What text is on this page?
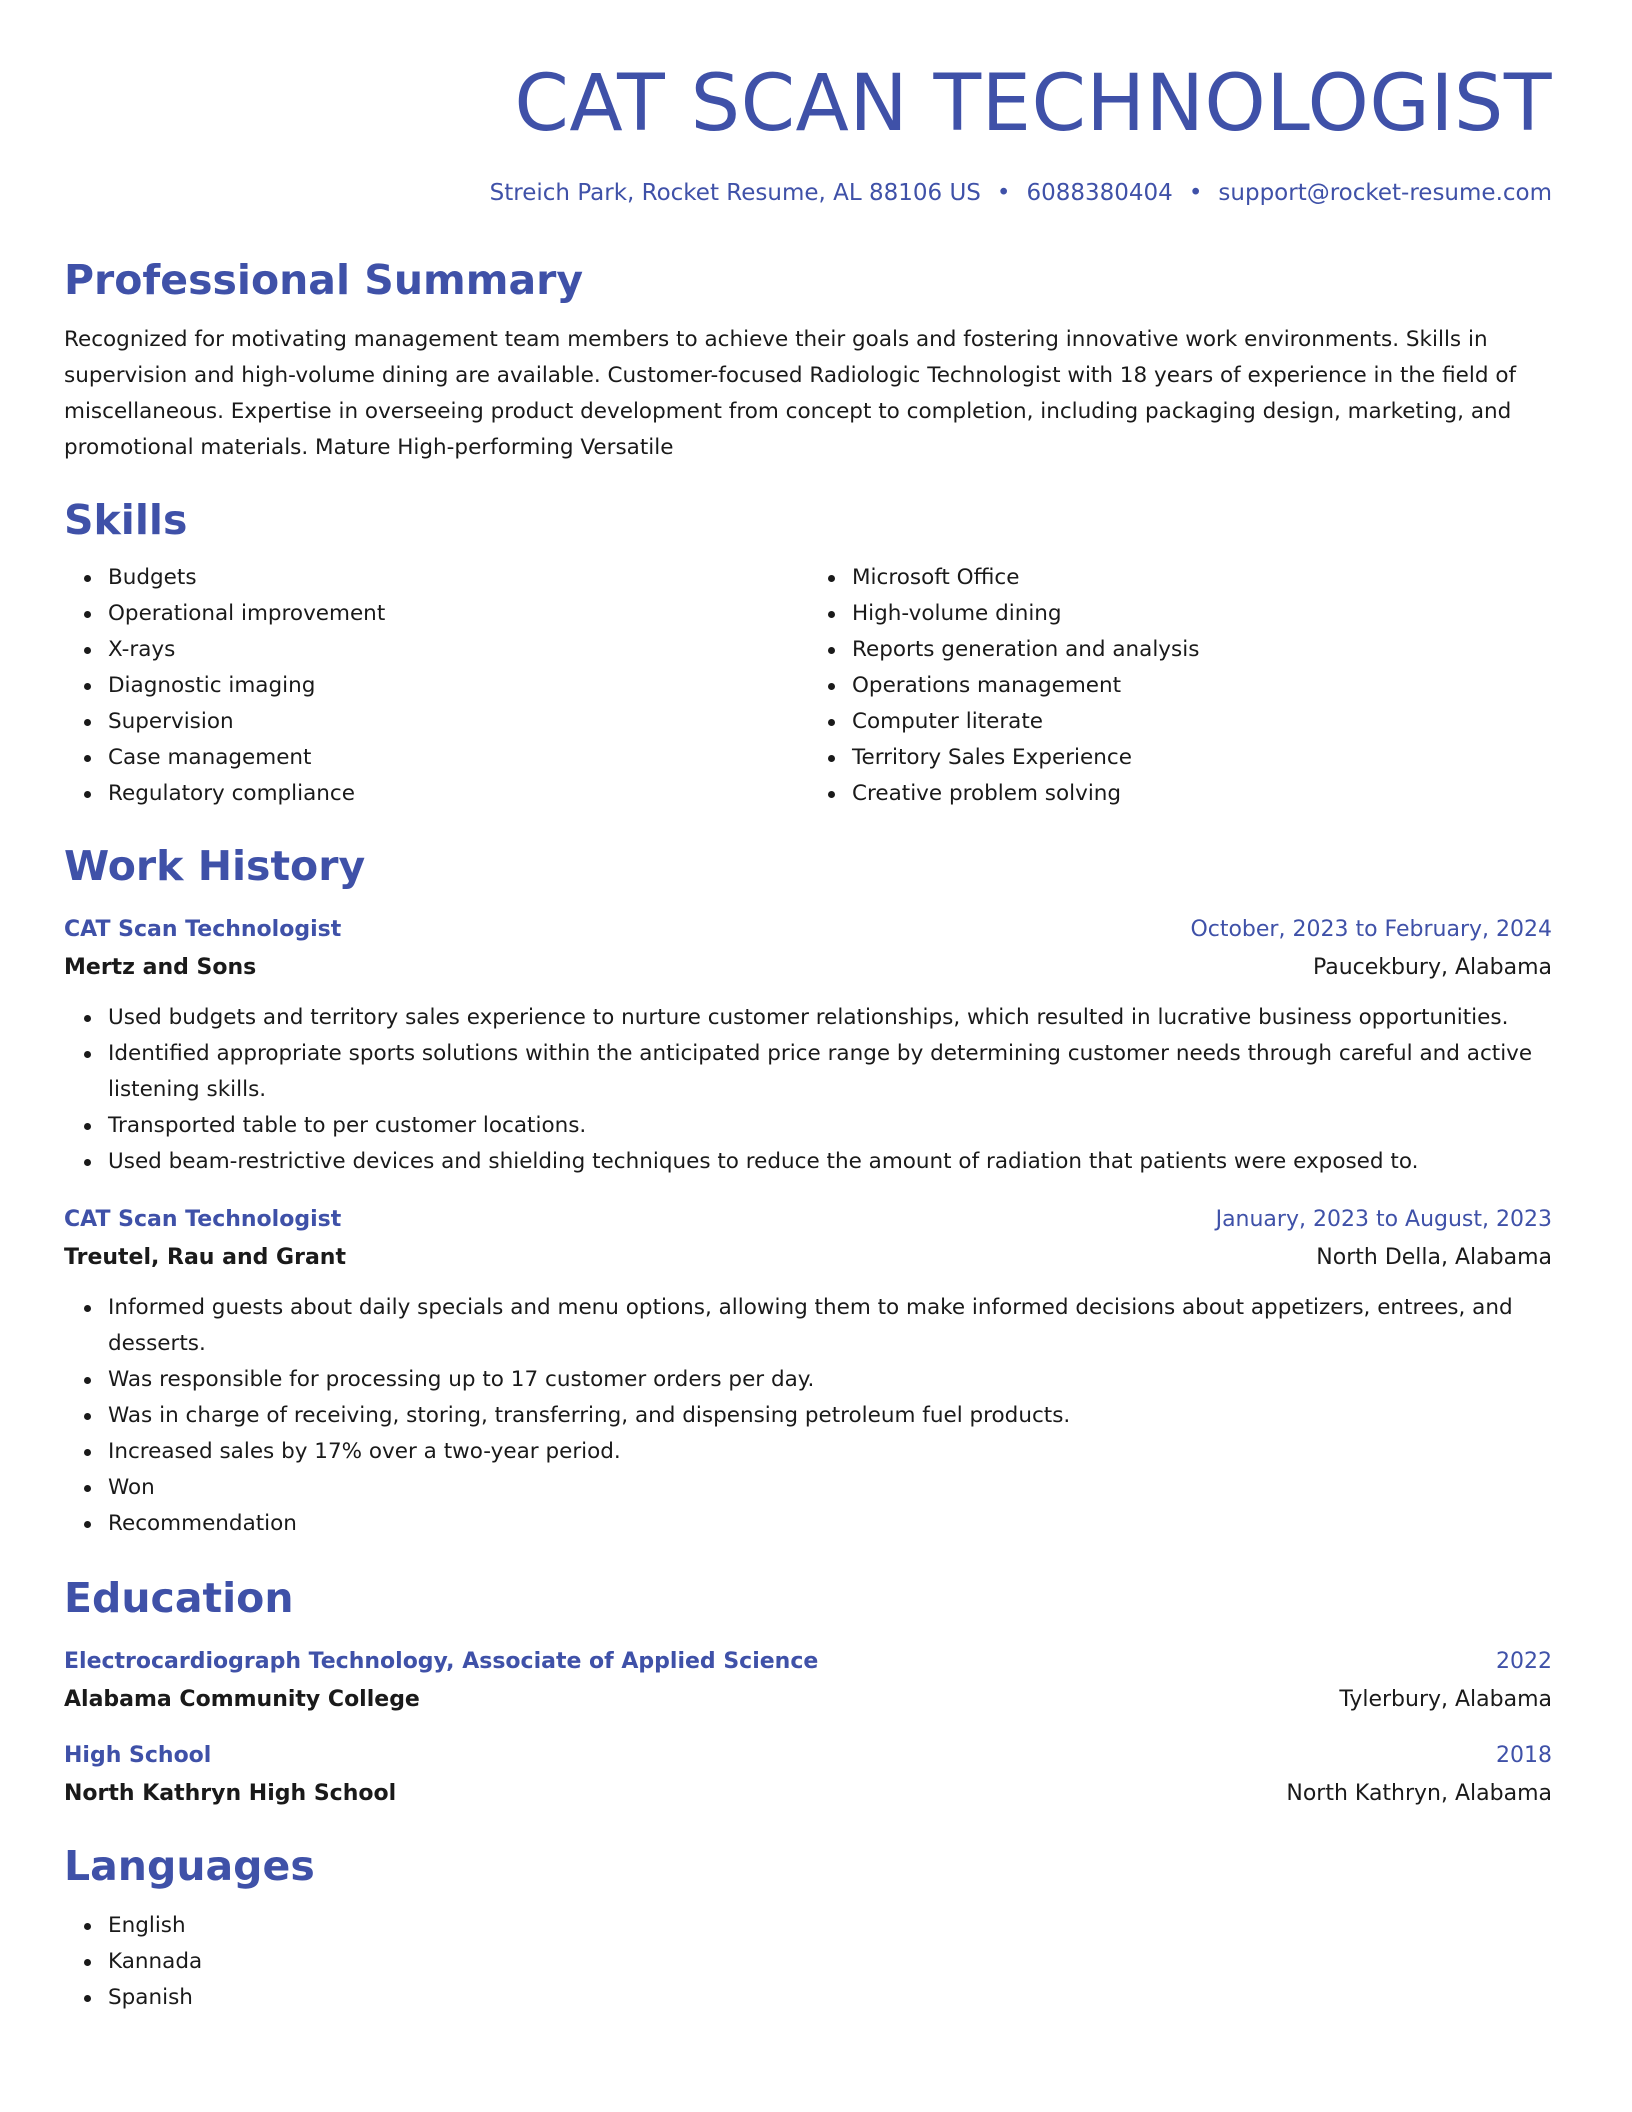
CAT SCAN TECHNOLOGIST
Streich Park, Rocket Resume, AL 88106 US • 6088380404 • support@rocket-resume.com
Professional Summary
Recognized for motivating management team members to achieve their goals and fostering innovative work environments. Skills in supervision and high-volume dining are available. Customer-focused Radiologic Technologist with 18 years of experience in the field of miscellaneous. Expertise in overseeing product development from concept to completion, including packaging design, marketing, and promotional materials. Mature High-performing Versatile
Skills
Budgets
Operational improvement
X-rays
Diagnostic imaging
Supervision
Case management
Regulatory compliance
Microsoft Office
High-volume dining
Reports generation and analysis
Operations management
Computer literate
Territory Sales Experience
Creative problem solving
Work History
CAT Scan Technologist	October, 2023 to February, 2024
Mertz and Sons	Paucekbury, Alabama
Used budgets and territory sales experience to nurture customer relationships, which resulted in lucrative business opportunities.
Identified appropriate sports solutions within the anticipated price range by determining customer needs through careful and active listening skills.
Transported table to per customer locations.
Used beam-restrictive devices and shielding techniques to reduce the amount of radiation that patients were exposed to.
CAT Scan Technologist	January, 2023 to August, 2023
Treutel, Rau and Grant	North Della, Alabama
Informed guests about daily specials and menu options, allowing them to make informed decisions about appetizers, entrees, and desserts.
Was responsible for processing up to 17 customer orders per day.
Was in charge of receiving, storing, transferring, and dispensing petroleum fuel products.
Increased sales by 17% over a two-year period.
Won
Recommendation
Education
Electrocardiograph Technology, Associate of Applied Science	2022
Alabama Community College	Tylerbury, Alabama
High School	2018
North Kathryn High School	North Kathryn, Alabama
Languages
English
Kannada
Spanish
